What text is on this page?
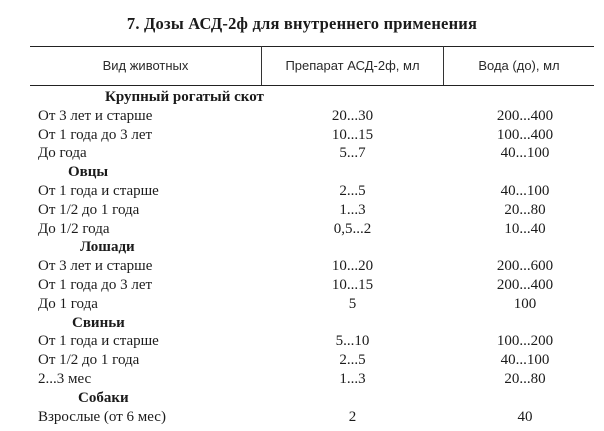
7. Дозы АСД-2ф для внутреннего применения
Вид животных	Препарат АСД-2ф, мл	Вода (до), мл
Крупный рогатый скот
От 3 лет и старше	20...30	200...400
От 1 года до 3 лет	10...15	100...400
До года	5...7	40...100
Овцы
От 1 года и старше	2...5	40...100
От 1/2 до 1 года	1...3	20...80
До 1/2 года	0,5...2	10...40
Лошади
От 3 лет и старше	10...20	200...600
От 1 года до 3 лет	10...15	200...400
До 1 года	5	100
Свиньи
От 1 года и старше	5...10	100...200
От 1/2 до 1 года	2...5	40...100
2...3 мес	1...3	20...80
Собаки
Взрослые (от 6 мес)	2	40
